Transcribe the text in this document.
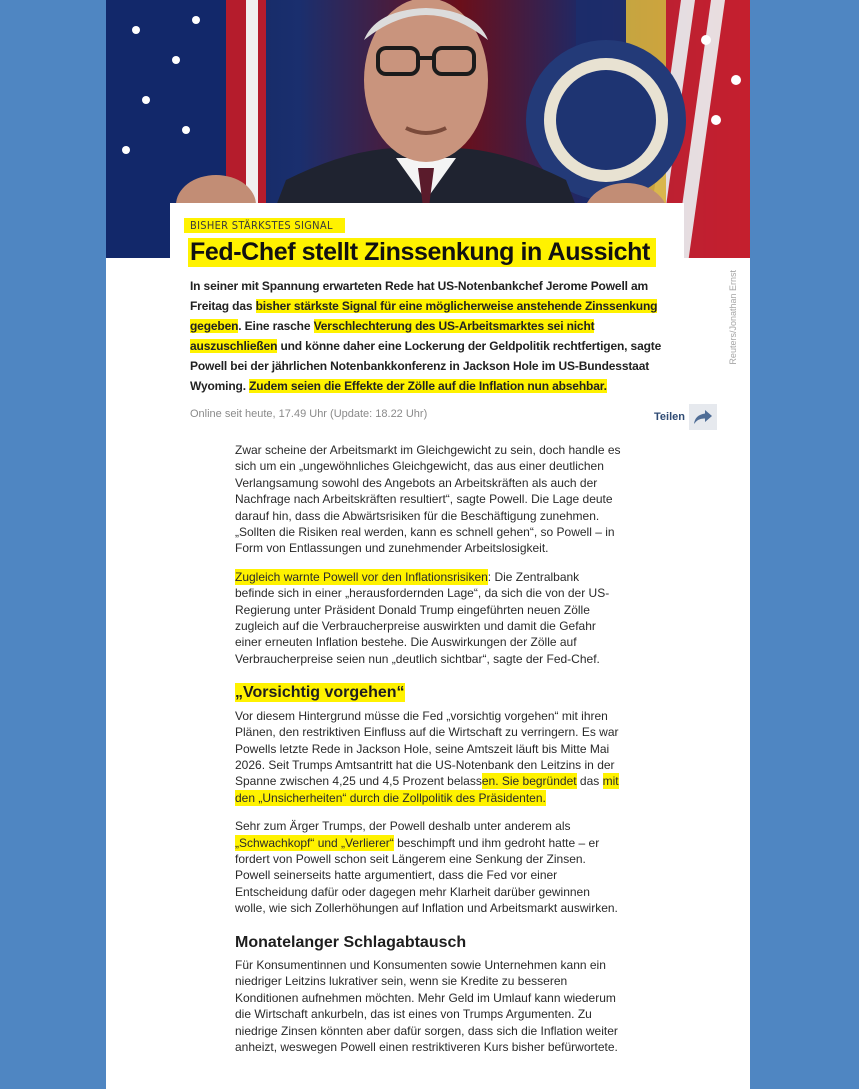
Reuters/Jonathan Ernst
BISHER STÄRKSTES SIGNAL
Fed-Chef stellt Zinssenkung in Aussicht

In seiner mit Spannung erwarteten Rede hat US-Notenbankchef Jerome Powell am Freitag das bisher stärkste Signal für eine möglicherweise anstehende Zinssenkung gegeben. Eine rasche Verschlechterung des US-Arbeitsmarktes sei nicht auszuschließen und könne daher eine Lockerung der Geldpolitik rechtfertigen, sagte Powell bei der jährlichen Notenbankkonferenz in Jackson Hole im US-Bundesstaat Wyoming. Zudem seien die Effekte der Zölle auf die Inflation nun absehbar.

Online seit heute, 17.49 Uhr (Update: 18.22 Uhr)	Teilen

Zwar scheine der Arbeitsmarkt im Gleichgewicht zu sein, doch handle es sich um ein „ungewöhnliches Gleichgewicht, das aus einer deutlichen Verlangsamung sowohl des Angebots an Arbeitskräften als auch der Nachfrage nach Arbeitskräften resultiert“, sagte Powell. Die Lage deute darauf hin, dass die Abwärtsrisiken für die Beschäftigung zunehmen. „Sollten die Risiken real werden, kann es schnell gehen“, so Powell – in Form von Entlassungen und zunehmender Arbeitslosigkeit.

Zugleich warnte Powell vor den Inflationsrisiken: Die Zentralbank befinde sich in einer „herausfordernden Lage“, da sich die von der US-Regierung unter Präsident Donald Trump eingeführten neuen Zölle zugleich auf die Verbraucherpreise auswirkten und damit die Gefahr einer erneuten Inflation bestehe. Die Auswirkungen der Zölle auf Verbraucherpreise seien nun „deutlich sichtbar“, sagte der Fed-Chef.

„Vorsichtig vorgehen“

Vor diesem Hintergrund müsse die Fed „vorsichtig vorgehen“ mit ihren Plänen, den restriktiven Einfluss auf die Wirtschaft zu verringern. Es war Powells letzte Rede in Jackson Hole, seine Amtszeit läuft bis Mitte Mai 2026. Seit Trumps Amtsantritt hat die US-Notenbank den Leitzins in der Spanne zwischen 4,25 und 4,5 Prozent belassen. Sie begründet das mit den „Unsicherheiten“ durch die Zollpolitik des Präsidenten.

Sehr zum Ärger Trumps, der Powell deshalb unter anderem als „Schwachkopf“ und „Verlierer“ beschimpft und ihm gedroht hatte – er fordert von Powell schon seit Längerem eine Senkung der Zinsen. Powell seinerseits hatte argumentiert, dass die Fed vor einer Entscheidung dafür oder dagegen mehr Klarheit darüber gewinnen wolle, wie sich Zollerhöhungen auf Inflation und Arbeitsmarkt auswirken.

Monatelanger Schlagabtausch

Für Konsumentinnen und Konsumenten sowie Unternehmen kann ein niedriger Leitzins lukrativer sein, wenn sie Kredite zu besseren Konditionen aufnehmen möchten. Mehr Geld im Umlauf kann wiederum die Wirtschaft ankurbeln, das ist eines von Trumps Argumenten. Zu niedrige Zinsen könnten aber dafür sorgen, dass sich die Inflation weiter anheizt, weswegen Powell einen restriktiveren Kurs bisher befürwortete.
